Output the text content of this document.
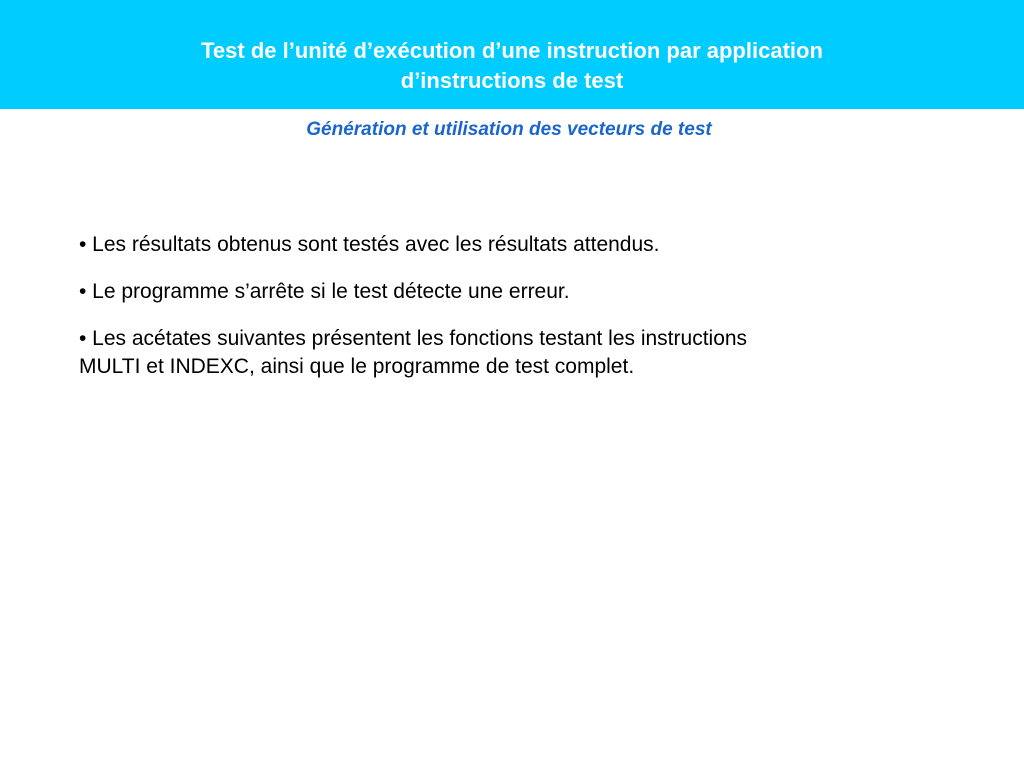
Test de l’unité d’exécution d’une instruction par application
d’instructions de test
Génération et utilisation des vecteurs de test
• Les résultats obtenus sont testés avec les résultats attendus.
• Le programme s’arrête si le test détecte une erreur.
• Les acétates suivantes présentent les fonctions testant les instructions
MULTI et INDEXC, ainsi que le programme de test complet.
